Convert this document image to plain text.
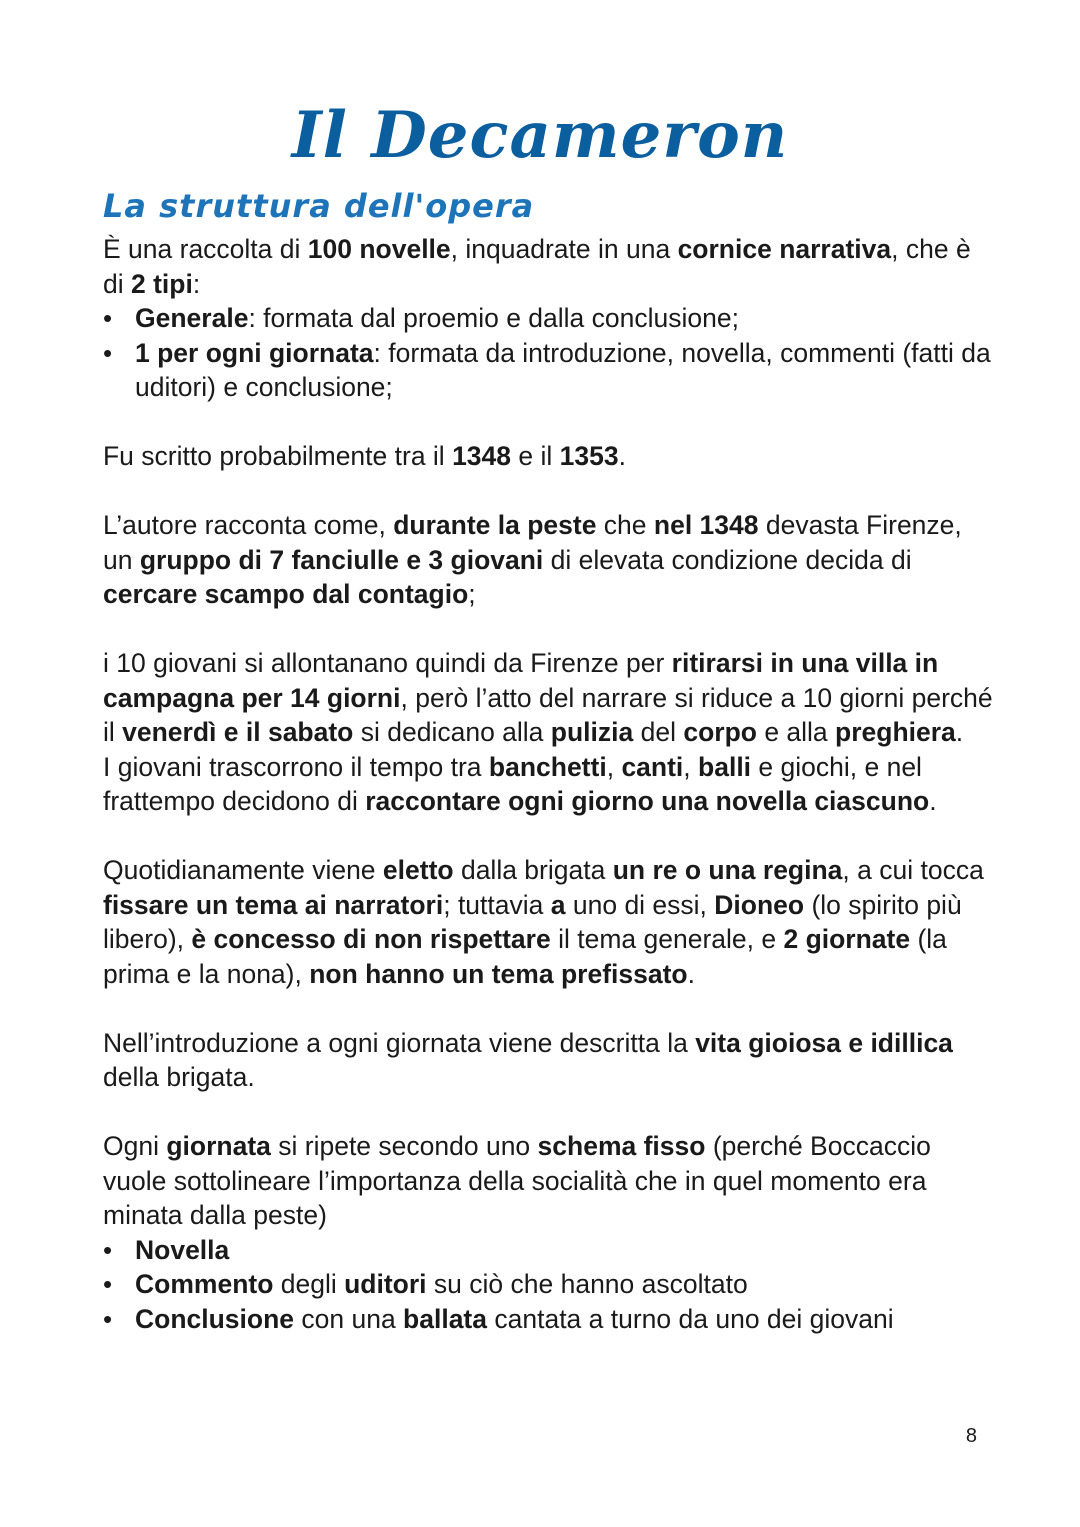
Il Decameron
La struttura dell'opera

È una raccolta di 100 novelle, inquadrate in una cornice narrativa, che è di 2 tipi:

• Generale: formata dal proemio e dalla conclusione;
• 1 per ogni giornata: formata da introduzione, novella, commenti (fatti da uditori) e conclusione;

Fu scritto probabilmente tra il 1348 e il 1353.

L’autore racconta come, durante la peste che nel 1348 devasta Firenze, un gruppo di 7 fanciulle e 3 giovani di elevata condizione decida di cercare scampo dal contagio;

i 10 giovani si allontanano quindi da Firenze per ritirarsi in una villa in campagna per 14 giorni, però l’atto del narrare si riduce a 10 giorni perché il venerdì e il sabato si dedicano alla pulizia del corpo e alla preghiera.

I giovani trascorrono il tempo tra banchetti, canti, balli e giochi, e nel frattempo decidono di raccontare ogni giorno una novella ciascuno.

Quotidianamente viene eletto dalla brigata un re o una regina, a cui tocca fissare un tema ai narratori; tuttavia a uno di essi, Dioneo (lo spirito più libero), è concesso di non rispettare il tema generale, e 2 giornate (la prima e la nona), non hanno un tema prefissato.

Nell’introduzione a ogni giornata viene descritta la vita gioiosa e idillica della brigata.

Ogni giornata si ripete secondo uno schema fisso (perché Boccaccio vuole sottolineare l’importanza della socialità che in quel momento era minata dalla peste)

• Novella
• Commento degli uditori su ciò che hanno ascoltato
• Conclusione con una ballata cantata a turno da uno dei giovani
8
